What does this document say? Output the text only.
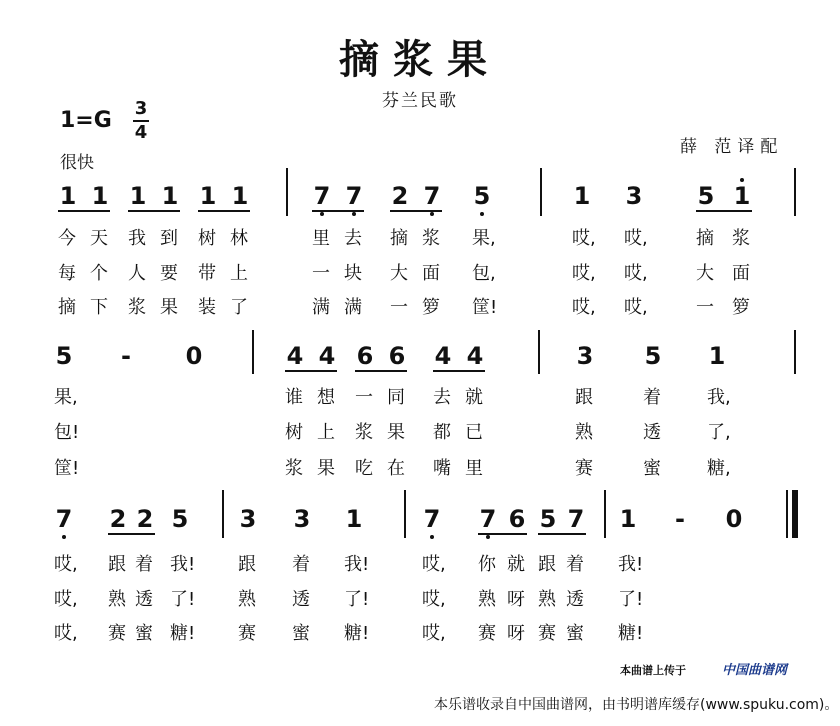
摘浆果
芬兰民歌
1=G	3
4
很快
薛 范译配
1 1 1 1 1 1	7 7 2 7 5	1 3 5 1
今 天 我 到 树 林	里 去 摘 浆 果,	哎, 哎,	摘 浆
每 个 人 要 带 上	一 块 大 面 包,	哎, 哎,	大 面
摘 下 浆 果 装 了	满 满 一 箩 筐!	哎, 哎,	一 箩
5 - 0	4 4 6 6 4 4	3 5 1
果,	谁 想 一 同 去 就	跟	着	我,
包!	树 上 浆 果 都 已	熟	透	了,
筐!	浆 果 吃 在 嘴 里	赛	蜜	糖,
7 2 2 5 3 3 1	7 7 6 5 7 1 - 0
哎, 跟 着 我! 跟 着 我!	哎, 你 就 跟 着 我!
哎, 熟 透 了! 熟 透 了!	哎, 熟 呀 熟 透 了!
哎, 赛 蜜 糖! 赛 蜜 糖!	哎, 赛 呀 赛 蜜 糖!
本曲谱上传于	中国曲谱网
本乐谱收录自中国曲谱网，由书明谱库缓存(www.spuku.com)。
